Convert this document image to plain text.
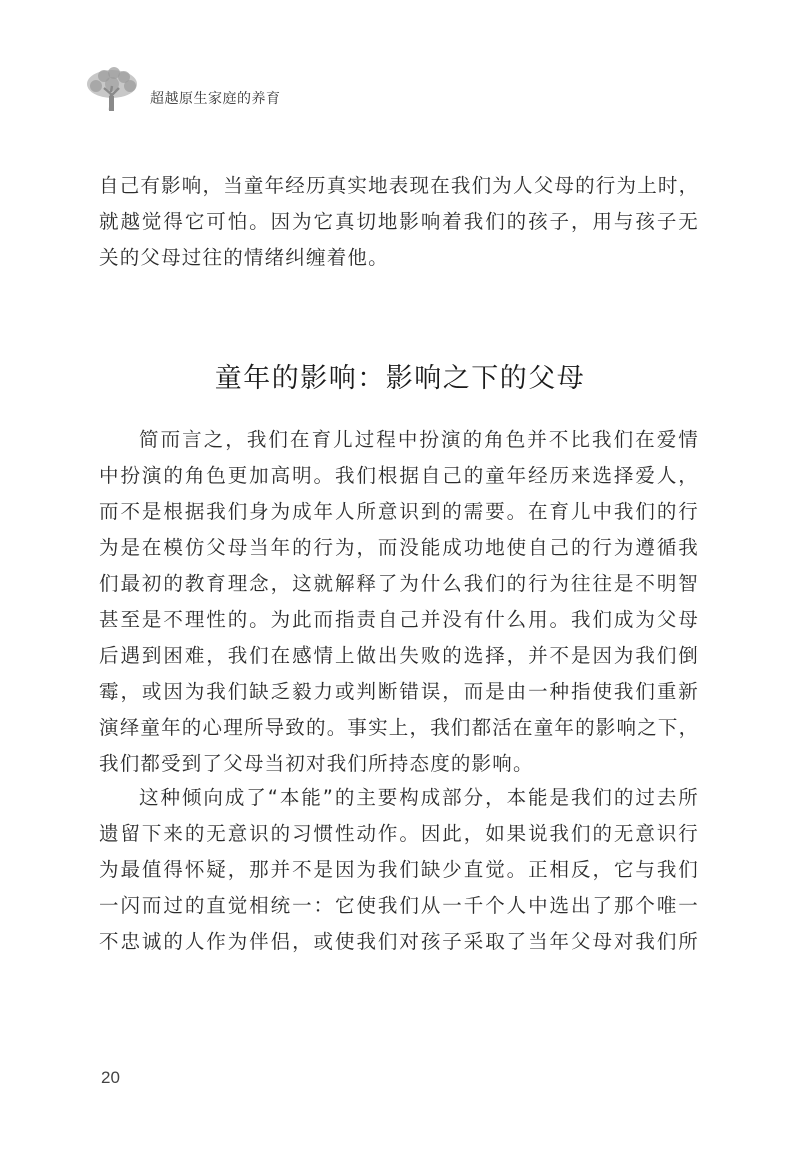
超越原生家庭的养育
自己有影响，当童年经历真实地表现在我们为人父母的行为上时，
就越觉得它可怕。因为它真切地影响着我们的孩子，用与孩子无
关的父母过往的情绪纠缠着他。
童年的影响：影响之下的父母
简而言之，我们在育儿过程中扮演的角色并不比我们在爱情
中扮演的角色更加高明。我们根据自己的童年经历来选择爱人，
而不是根据我们身为成年人所意识到的需要。在育儿中我们的行
为是在模仿父母当年的行为，而没能成功地使自己的行为遵循我
们最初的教育理念，这就解释了为什么我们的行为往往是不明智
甚至是不理性的。为此而指责自己并没有什么用。我们成为父母
后遇到困难，我们在感情上做出失败的选择，并不是因为我们倒
霉，或因为我们缺乏毅力或判断错误，而是由一种指使我们重新
演绎童年的心理所导致的。事实上，我们都活在童年的影响之下，
我们都受到了父母当初对我们所持态度的影响。
这种倾向成了“本能”的主要构成部分，本能是我们的过去所
遗留下来的无意识的习惯性动作。因此，如果说我们的无意识行
为最值得怀疑，那并不是因为我们缺少直觉。正相反，它与我们
一闪而过的直觉相统一：它使我们从一千个人中选出了那个唯一
不忠诚的人作为伴侣，或使我们对孩子采取了当年父母对我们所
20
